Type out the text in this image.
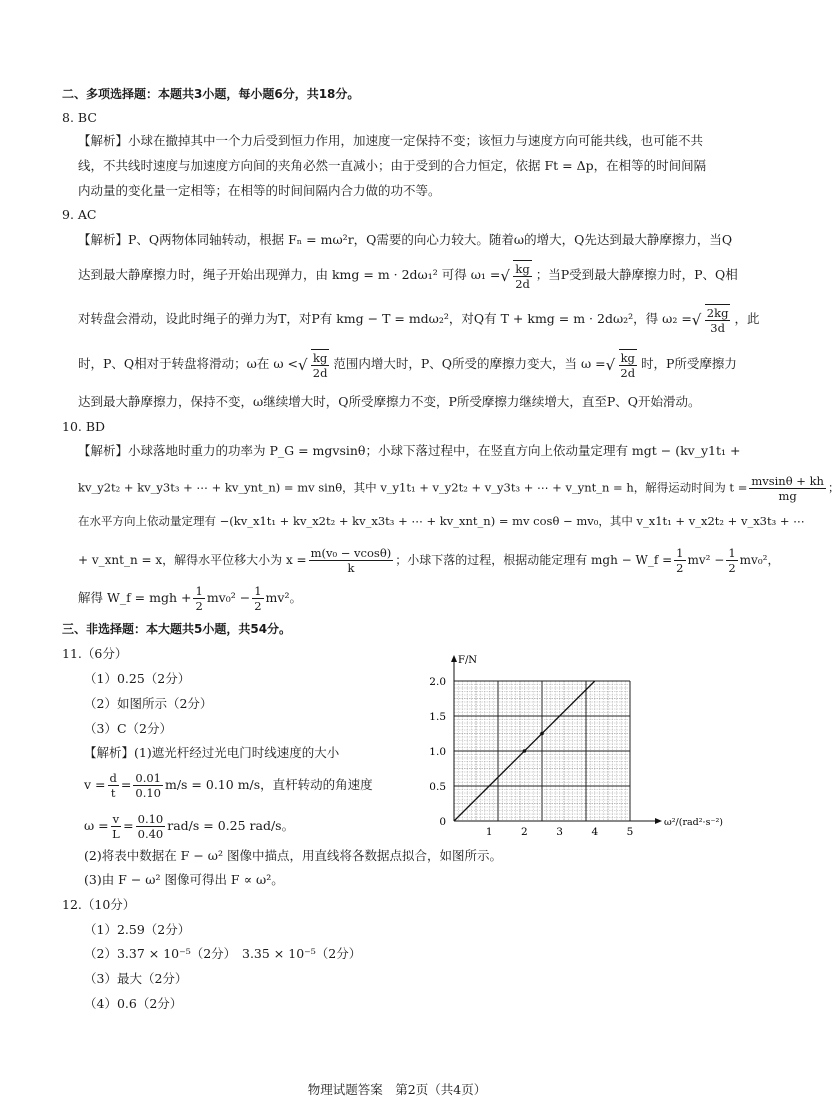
二、多项选择题：本题共3小题，每小题6分，共18分。
8. BC
【解析】小球在撤掉其中一个力后受到恒力作用，加速度一定保持不变；该恒力与速度方向可能共线，也可能不共
线，不共线时速度与加速度方向间的夹角必然一直减小；由于受到的合力恒定，依据 Ft = Δp，在相等的时间间隔
内动量的变化量一定相等；在相等的时间间隔内合力做的功不等。
9. AC
【解析】P、Q两物体同轴转动，根据 Fₙ = mω²r，Q需要的向心力较大。随着ω的增大，Q先达到最大静摩擦力，当Q
达到最大静摩擦力时，绳子开始出现弹力，由 kmg = m · 2dω₁² 可得 ω₁ = √ $\frac{kg}{2d}$ ；当P受到最大静摩擦力时，P、Q相
对转盘会滑动，设此时绳子的弹力为T，对P有 kmg − T = mdω₂²，对Q有 T + kmg = m · 2dω₂²，得 ω₂ = √ $\frac{2kg}{3d}$ ，此
时，P、Q相对于转盘将滑动；ω在 ω < √ $\frac{kg}{2d}$ 范围内增大时，P、Q所受的摩擦力变大，当 ω = √ $\frac{kg}{2d}$ 时，P所受摩擦力
达到最大静摩擦力，保持不变，ω继续增大时，Q所受摩擦力不变，P所受摩擦力继续增大，直至P、Q开始滑动。
10. BD
【解析】小球落地时重力的功率为 P_G = mgvsinθ；小球下落过程中，在竖直方向上依动量定理有 mgt − (kv_y1t₁ +
kv_y2t₂ + kv_y3t₃ + ⋯ + kv_ynt_n) = mv sinθ，其中 v_y1t₁ + v_y2t₂ + v_y3t₃ + ⋯ + v_ynt_n = h，解得运动时间为 $t = \frac{mvsin\theta + kh}{mg}$ ；
在水平方向上依动量定理有 −(kv_x1t₁ + kv_x2t₂ + kv_x3t₃ + ⋯ + kv_xnt_n) = mv cosθ − mv₀，其中 v_x1t₁ + v_x2t₂ + v_x3t₃ + ⋯
+ v_xnt_n = x，解得水平位移大小为 $x = \frac{\text{m(v₀ − vcosθ)}}{k}$ ；小球下落的过程，根据动能定理有 mgh − W_f = $\frac{1}{2} mv^2 - \frac{1}{2} mv_0^2$，
解得 W_f = mgh + $\frac{1}{2} mv_0^2 - \frac{1}{2} mv^2$。
三、非选择题：本大题共5小题，共54分。
11.（6分）
（1）0.25（2分）
（2）如图所示（2分）
（3）C（2分）
【解析】(1)遮光杆经过光电门时线速度的大小
$v = \frac{d}{t} = \frac{0.01}{0.10} m/s = 0.10$ m/s，直杆转动的角速度
$\omega = \frac{v}{L} = \frac{0.10}{0.40} rad/s = 0.25$ rad/s。
(2)将表中数据在 F − ω² 图像中描点，用直线将各数据点拟合，如图所示。
(3)由 F − ω² 图像可得出 F ∝ ω²。
12.（10分）
（1）2.59（2分）
（2）3.37 × 10⁻⁵（2分） 3.35 × 10⁻⁵（2分）
（3）最大（2分）
（4）0.6（2分）
1	2	3	4	5
0
0.5
1.0
1.5
2.0
ω²/(rad²·s⁻²)
F/N
物理试题答案　第2页（共4页）
